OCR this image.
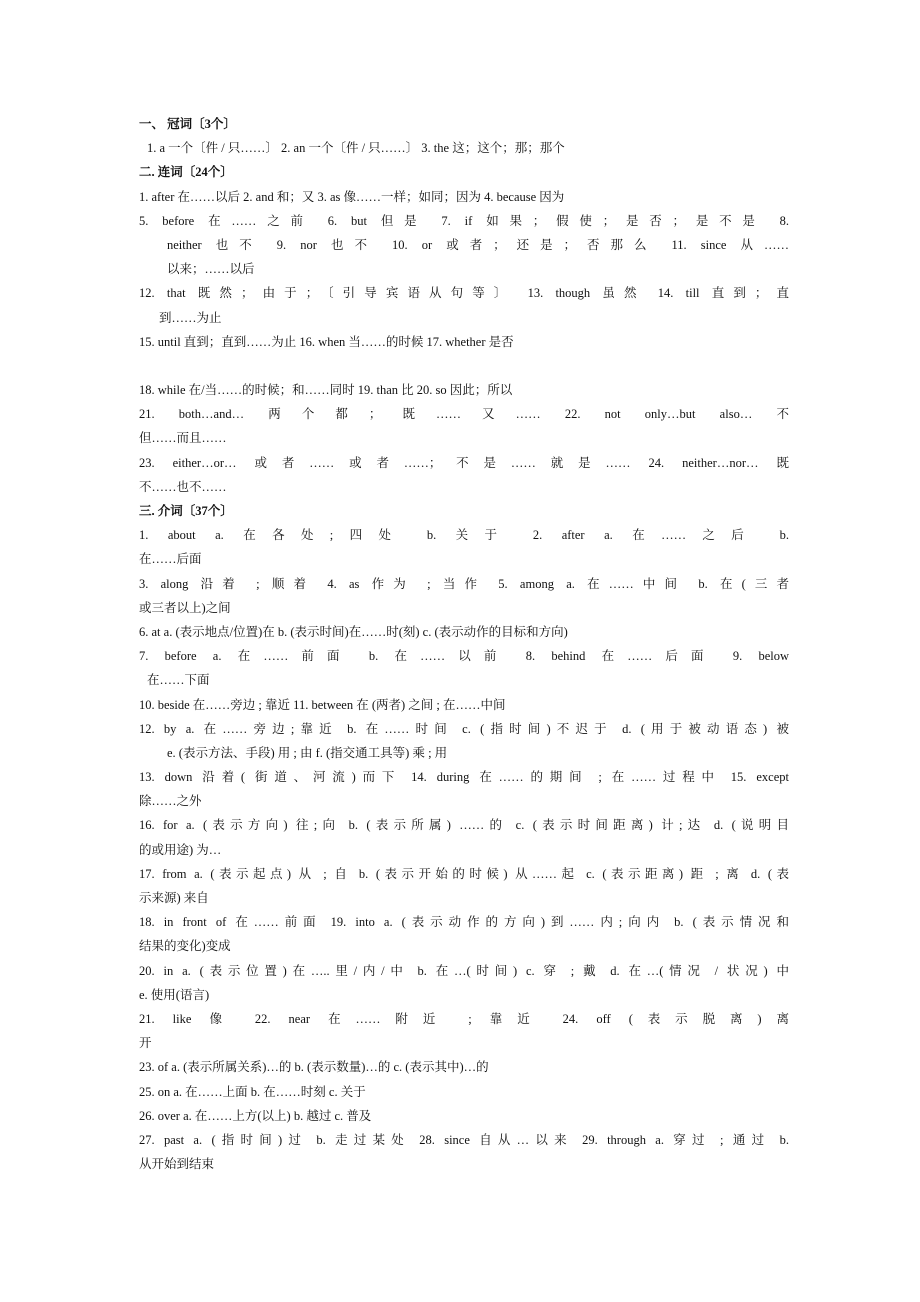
一、 冠词〔3个〕
1. a 一个〔件 / 只……〕 2. an 一个〔件 / 只……〕 3. the 这；这个；那；那个
二. 连词〔24个〕
1. after 在……以后 2. and 和；又 3. as 像……一样；如同；因为 4. because 因为
5. before 在……之前 6. but 但是 7. if 如果；假使；是否；是不是 8.
neither 也不 9. nor 也不 10. or 或者；还是；否那么 11. since 从……
以来；……以后
12. that 既然；由于；〔引导宾语从句等〕 13. though 虽然 14. till 直到；直
到……为止
15. until 直到；直到……为止 16. when 当……的时候 17. whether 是否
18. while 在/当……的时候；和……同时 19. than 比 20. so 因此；所以
21. both…and… 两个都；既……又…… 22. not only…but also… 不
但……而且……
23. either…or… 或者……或者……；不是……就是…… 24. neither…nor… 既
不……也不……
三. 介词〔37个〕
1. about a. 在各处;四处 b. 关于 2. after a. 在……之后 b.
在……后面
3. along 沿着 ; 顺着 4. as 作为 ; 当作 5. among a. 在……中间 b. 在(三者
或三者以上)之间
6. at a. (表示地点/位置)在 b. (表示时间)在……时(刻) c. (表示动作的目标和方向)
7. before a. 在……前面 b. 在……以前 8. behind 在……后面 9. below
在……下面
10. beside 在……旁边 ; 靠近 11. between 在 (两者) 之间 ; 在……中间
12. by a. 在……旁边;靠近 b. 在……时间 c. (指时间)不迟于 d. (用于被动语态) 被
e. (表示方法、手段) 用 ; 由 f. (指交通工具等) 乘 ; 用
13. down 沿着( 街道、河流)而下 14. during 在……的期间 ; 在……过程中 15. except
除……之外
16. for a. (表示方向) 往;向 b. (表示所属) ……的 c. (表示时间距离) 计;达 d. (说明目
的或用途) 为…
17. from a. (表示起点) 从 ; 自 b. (表示开始的时候) 从……起 c. (表示距离) 距 ; 离 d. (表
示来源) 来自
18. in front of 在……前面 19. into a. (表示动作的方向)到……内;向内 b. (表示情况和
结果的变化)变成
20. in a. (表示位置)在…..里/内/中 b. 在…(时间) c. 穿 ; 戴 d. 在…(情况 / 状况) 中
e. 使用(语言)
21. like 像 22. near 在……附近 ; 靠近 24. off (表示脱离)离
开
23. of a. (表示所属关系)…的 b. (表示数量)…的 c. (表示其中)…的
25. on a. 在……上面 b. 在……时刻 c. 关于
26. over a. 在……上方(以上) b. 越过 c. 普及
27. past a. (指时间)过 b. 走过某处 28. since 自从…以来 29. through a. 穿过 ; 通过 b.
从开始到结束
